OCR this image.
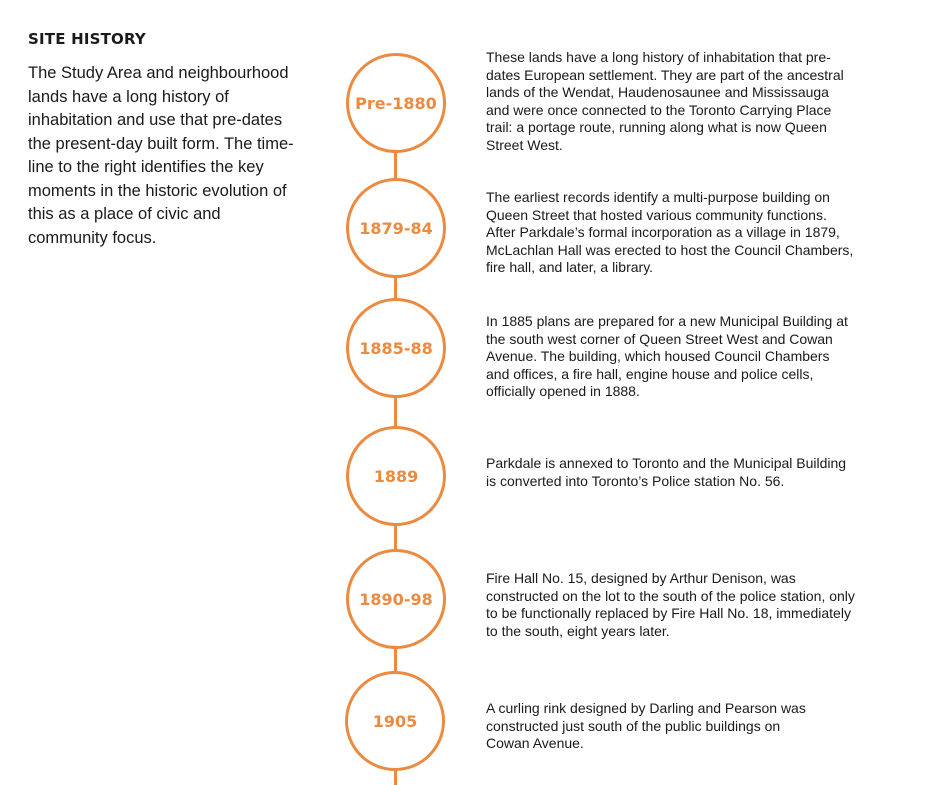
SITE HISTORY

The Study Area and neighbourhood lands have a long history of inhabitation and use that pre-dates the present-day built form. The time-line to the right identifies the key moments in the historic evolution of this as a place of civic and community focus.

Pre-1880

These lands have a long history of inhabitation that pre-dates European settlement. They are part of the ancestral lands of the Wendat, Haudenosaunee and Mississauga and were once connected to the Toronto Carrying Place trail: a portage route, running along what is now Queen Street West.

1879-84

The earliest records identify a multi-purpose building on Queen Street that hosted various community functions. After Parkdale’s formal incorporation as a village in 1879, McLachlan Hall was erected to host the Council Chambers, fire hall, and later, a library.

1885-88

In 1885 plans are prepared for a new Municipal Building at the south west corner of Queen Street West and Cowan Avenue. The building, which housed Council Chambers and offices, a fire hall, engine house and police cells, officially opened in 1888.

1889

Parkdale is annexed to Toronto and the Municipal Building is converted into Toronto’s Police station No. 56.

1890-98

Fire Hall No. 15, designed by Arthur Denison, was constructed on the lot to the south of the police station, only to be functionally replaced by Fire Hall No. 18, immediately to the south, eight years later.

1905

A curling rink designed by Darling and Pearson was constructed just south of the public buildings on Cowan Avenue.
